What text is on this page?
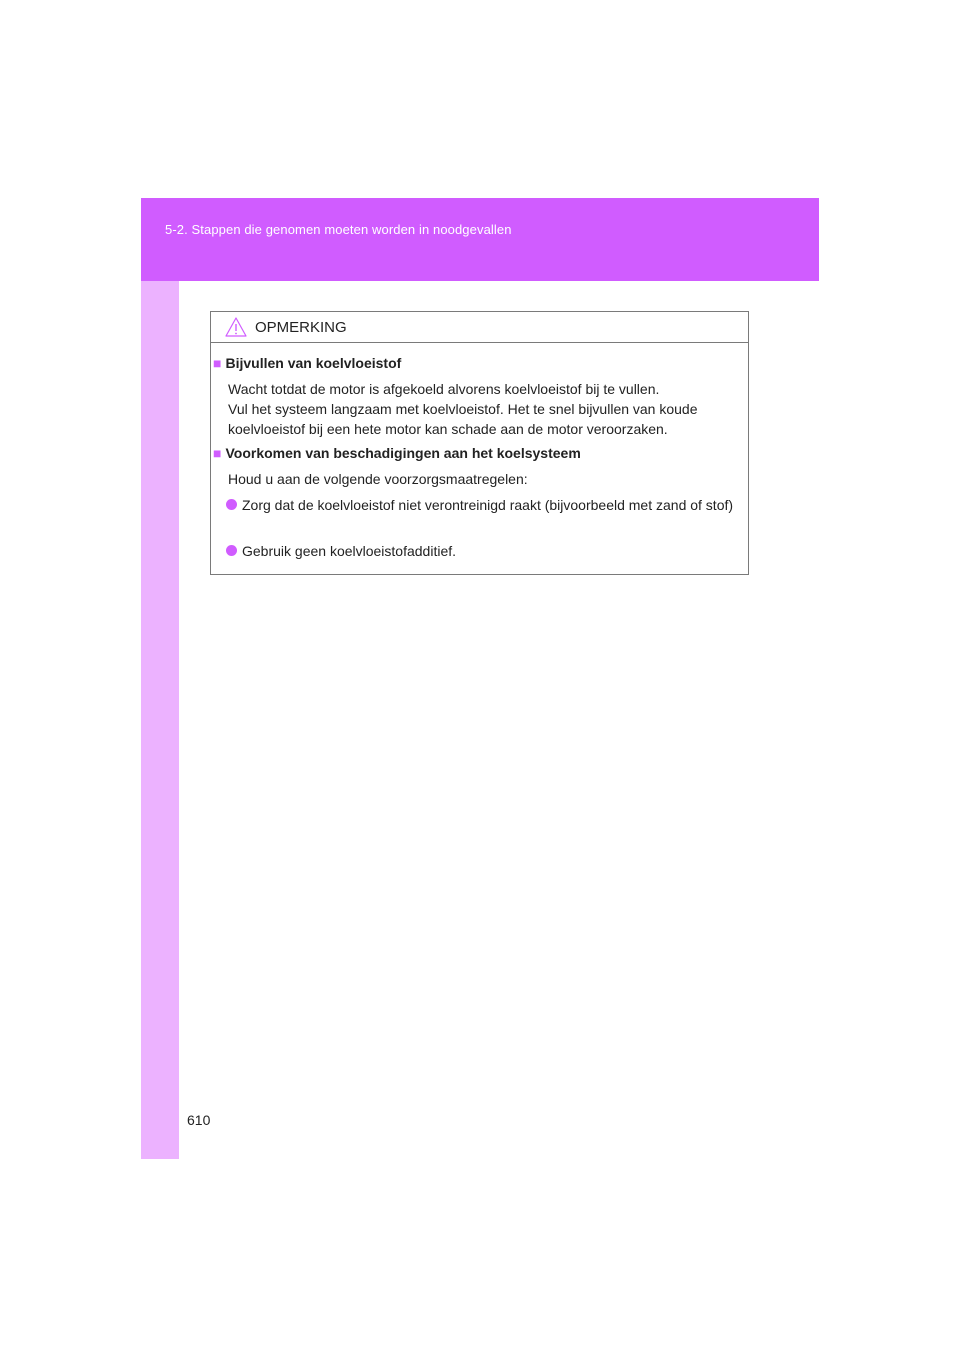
5-2. Stappen die genomen moeten worden in noodgevallen
610
OPMERKING
■ Bijvullen van koelvloeistof
Wacht totdat de motor is afgekoeld alvorens koelvloeistof bij te vullen.
Vul het systeem langzaam met koelvloeistof. Het te snel bijvullen van koude koelvloeistof bij een hete motor kan schade aan de motor veroorzaken.
■ Voorkomen van beschadigingen aan het koelsysteem
Houd u aan de volgende voorzorgsmaatregelen:
Zorg dat de koelvloeistof niet verontreinigd raakt (bijvoorbeeld met zand of stof)
Gebruik geen koelvloeistofadditief.
